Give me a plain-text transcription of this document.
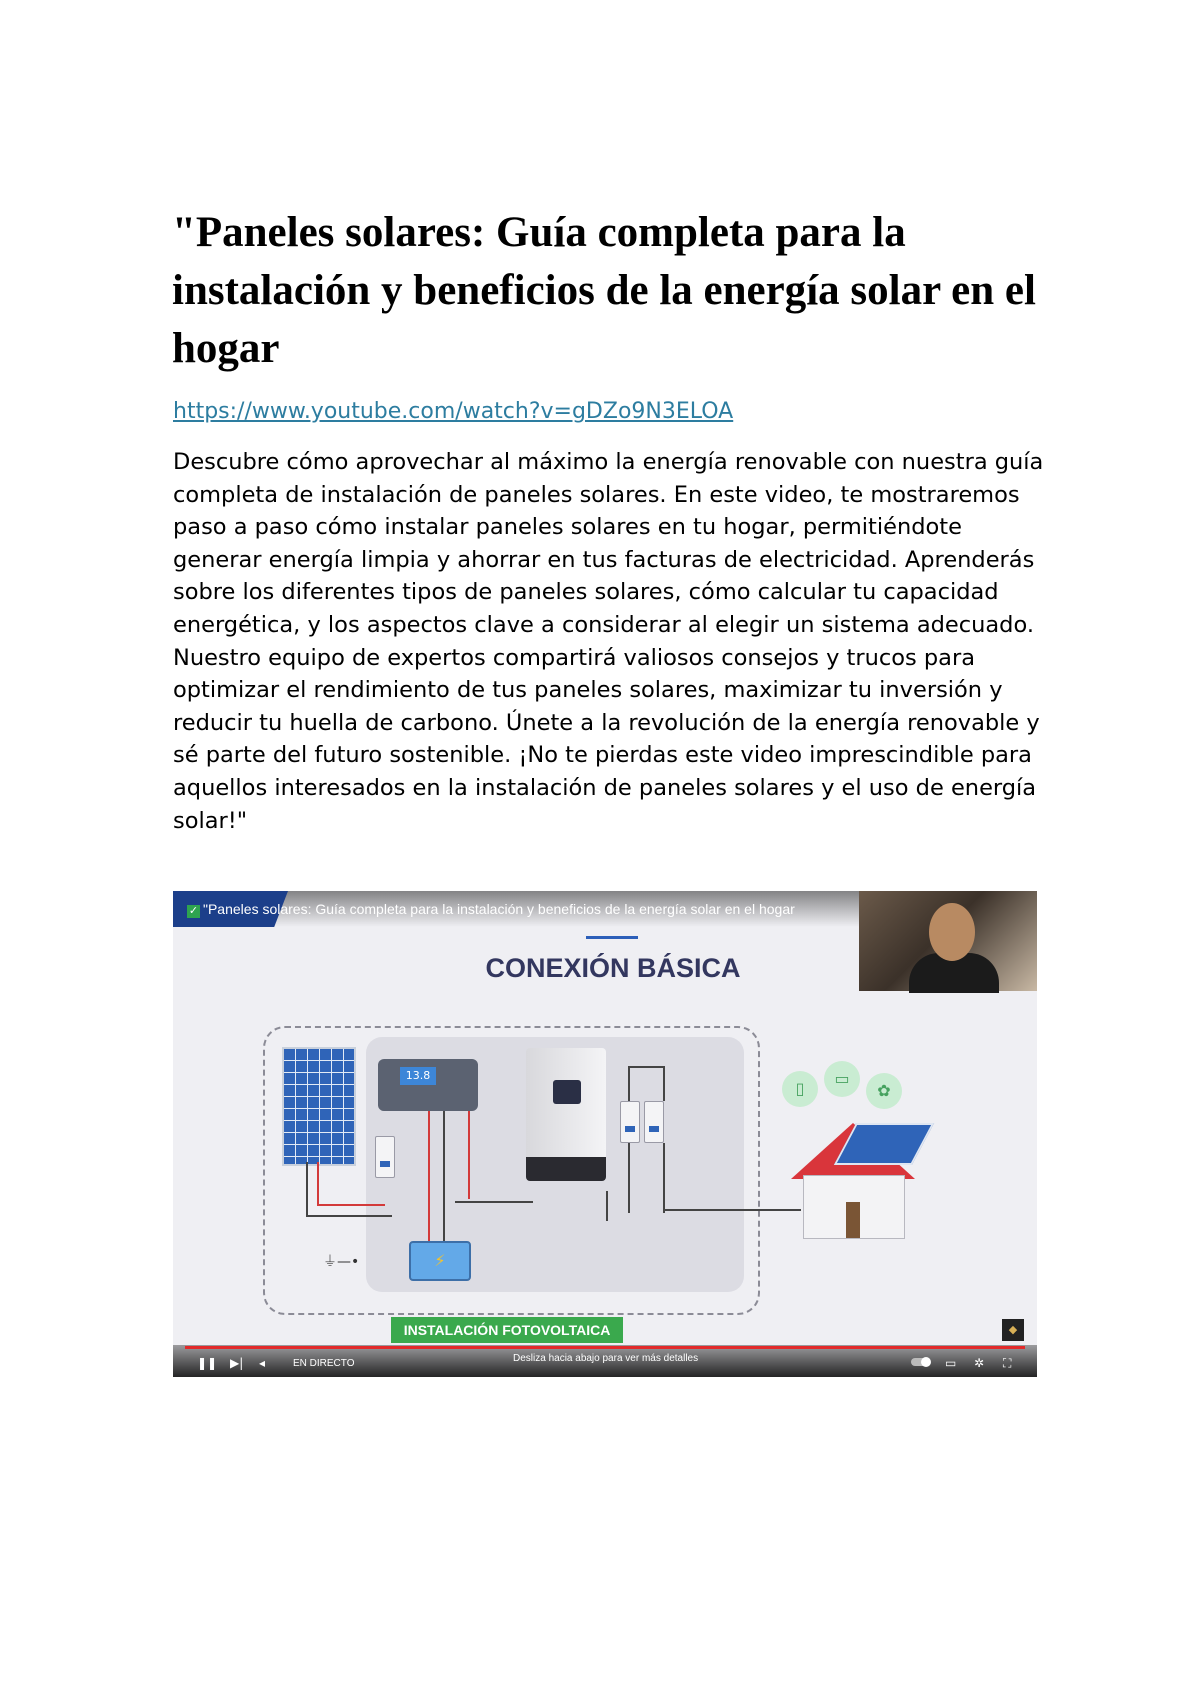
"Paneles solares: Guía completa para la instalación y beneficios de la energía solar en el hogar
https://www.youtube.com/watch?v=gDZo9N3ELOA

Descubre cómo aprovechar al máximo la energía renovable con nuestra guía completa de instalación de paneles solares. En este video, te mostraremos paso a paso cómo instalar paneles solares en tu hogar, permitiéndote generar energía limpia y ahorrar en tus facturas de electricidad. Aprenderás sobre los diferentes tipos de paneles solares, cómo calcular tu capacidad energética, y los aspectos clave a considerar al elegir un sistema adecuado. Nuestro equipo de expertos compartirá valiosos consejos y trucos para optimizar el rendimiento de tus paneles solares, maximizar tu inversión y reducir tu huella de carbono. Únete a la revolución de la energía renovable y sé parte del futuro sostenible. ¡No te pierdas este video imprescindible para aquellos interesados en la instalación de paneles solares y el uso de energía solar!"

✓ "Paneles solares: Guía completa para la instalación y beneficios de la energía solar en el hogar
CONEXIÓN BÁSICA
13.8
⚡
⏚—•
▯
▭
✿
INSTALACIÓN FOTOVOLTAICA	◆
❚❚ ▶| ◂	EN DIRECTO	Desliza hacia abajo para ver más detalles	▭ ✲ ⛶
